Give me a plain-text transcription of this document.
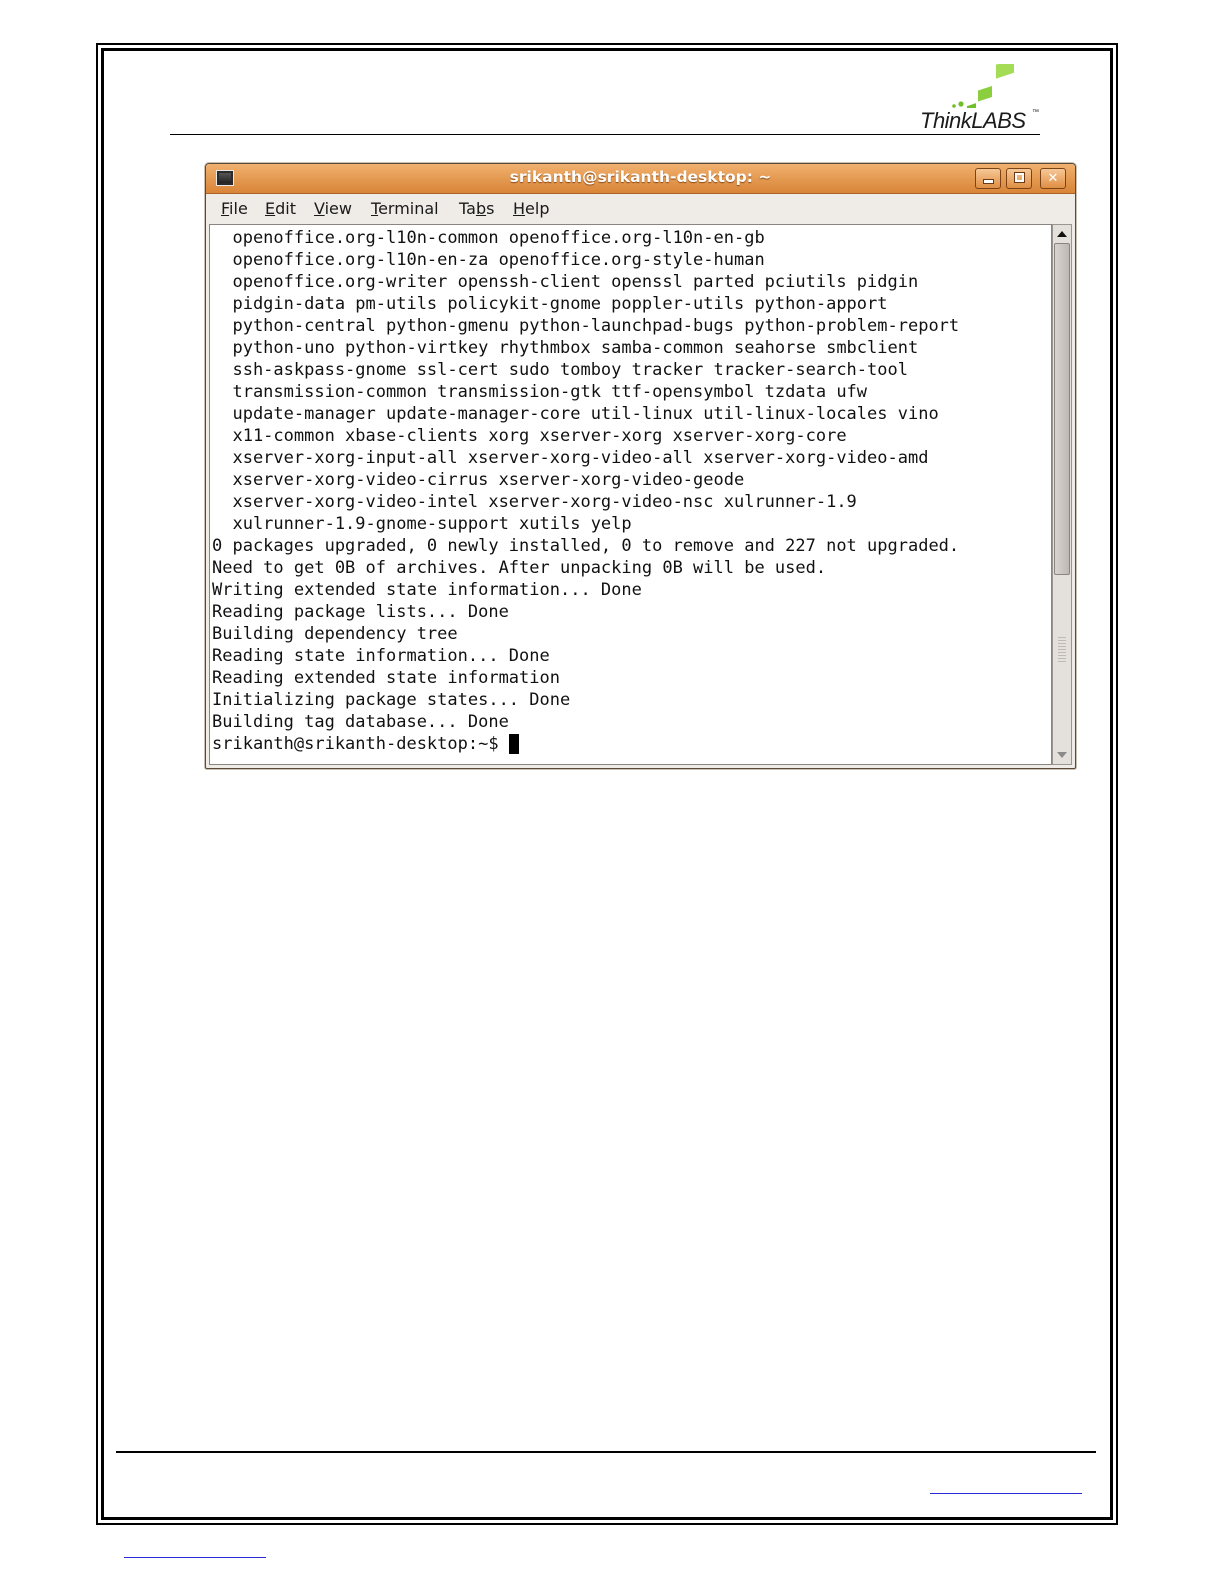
ThinkLABS ™
srikanth@srikanth-desktop: ~	✕
File Edit View Terminal Tabs Help
openoffice.org-l10n-common openoffice.org-l10n-en-gb
openoffice.org-l10n-en-za openoffice.org-style-human
openoffice.org-writer openssh-client openssl parted pciutils pidgin
pidgin-data pm-utils policykit-gnome poppler-utils python-apport
python-central python-gmenu python-launchpad-bugs python-problem-report
python-uno python-virtkey rhythmbox samba-common seahorse smbclient
ssh-askpass-gnome ssl-cert sudo tomboy tracker tracker-search-tool
transmission-common transmission-gtk ttf-opensymbol tzdata ufw
update-manager update-manager-core util-linux util-linux-locales vino
x11-common xbase-clients xorg xserver-xorg xserver-xorg-core
xserver-xorg-input-all xserver-xorg-video-all xserver-xorg-video-amd
xserver-xorg-video-cirrus xserver-xorg-video-geode
xserver-xorg-video-intel xserver-xorg-video-nsc xulrunner-1.9
xulrunner-1.9-gnome-support xutils yelp
0 packages upgraded, 0 newly installed, 0 to remove and 227 not upgraded.
Need to get 0B of archives. After unpacking 0B will be used.
Writing extended state information... Done
Reading package lists... Done
Building dependency tree
Reading state information... Done
Reading extended state information
Initializing package states... Done
Building tag database... Done
srikanth@srikanth-desktop:~$
